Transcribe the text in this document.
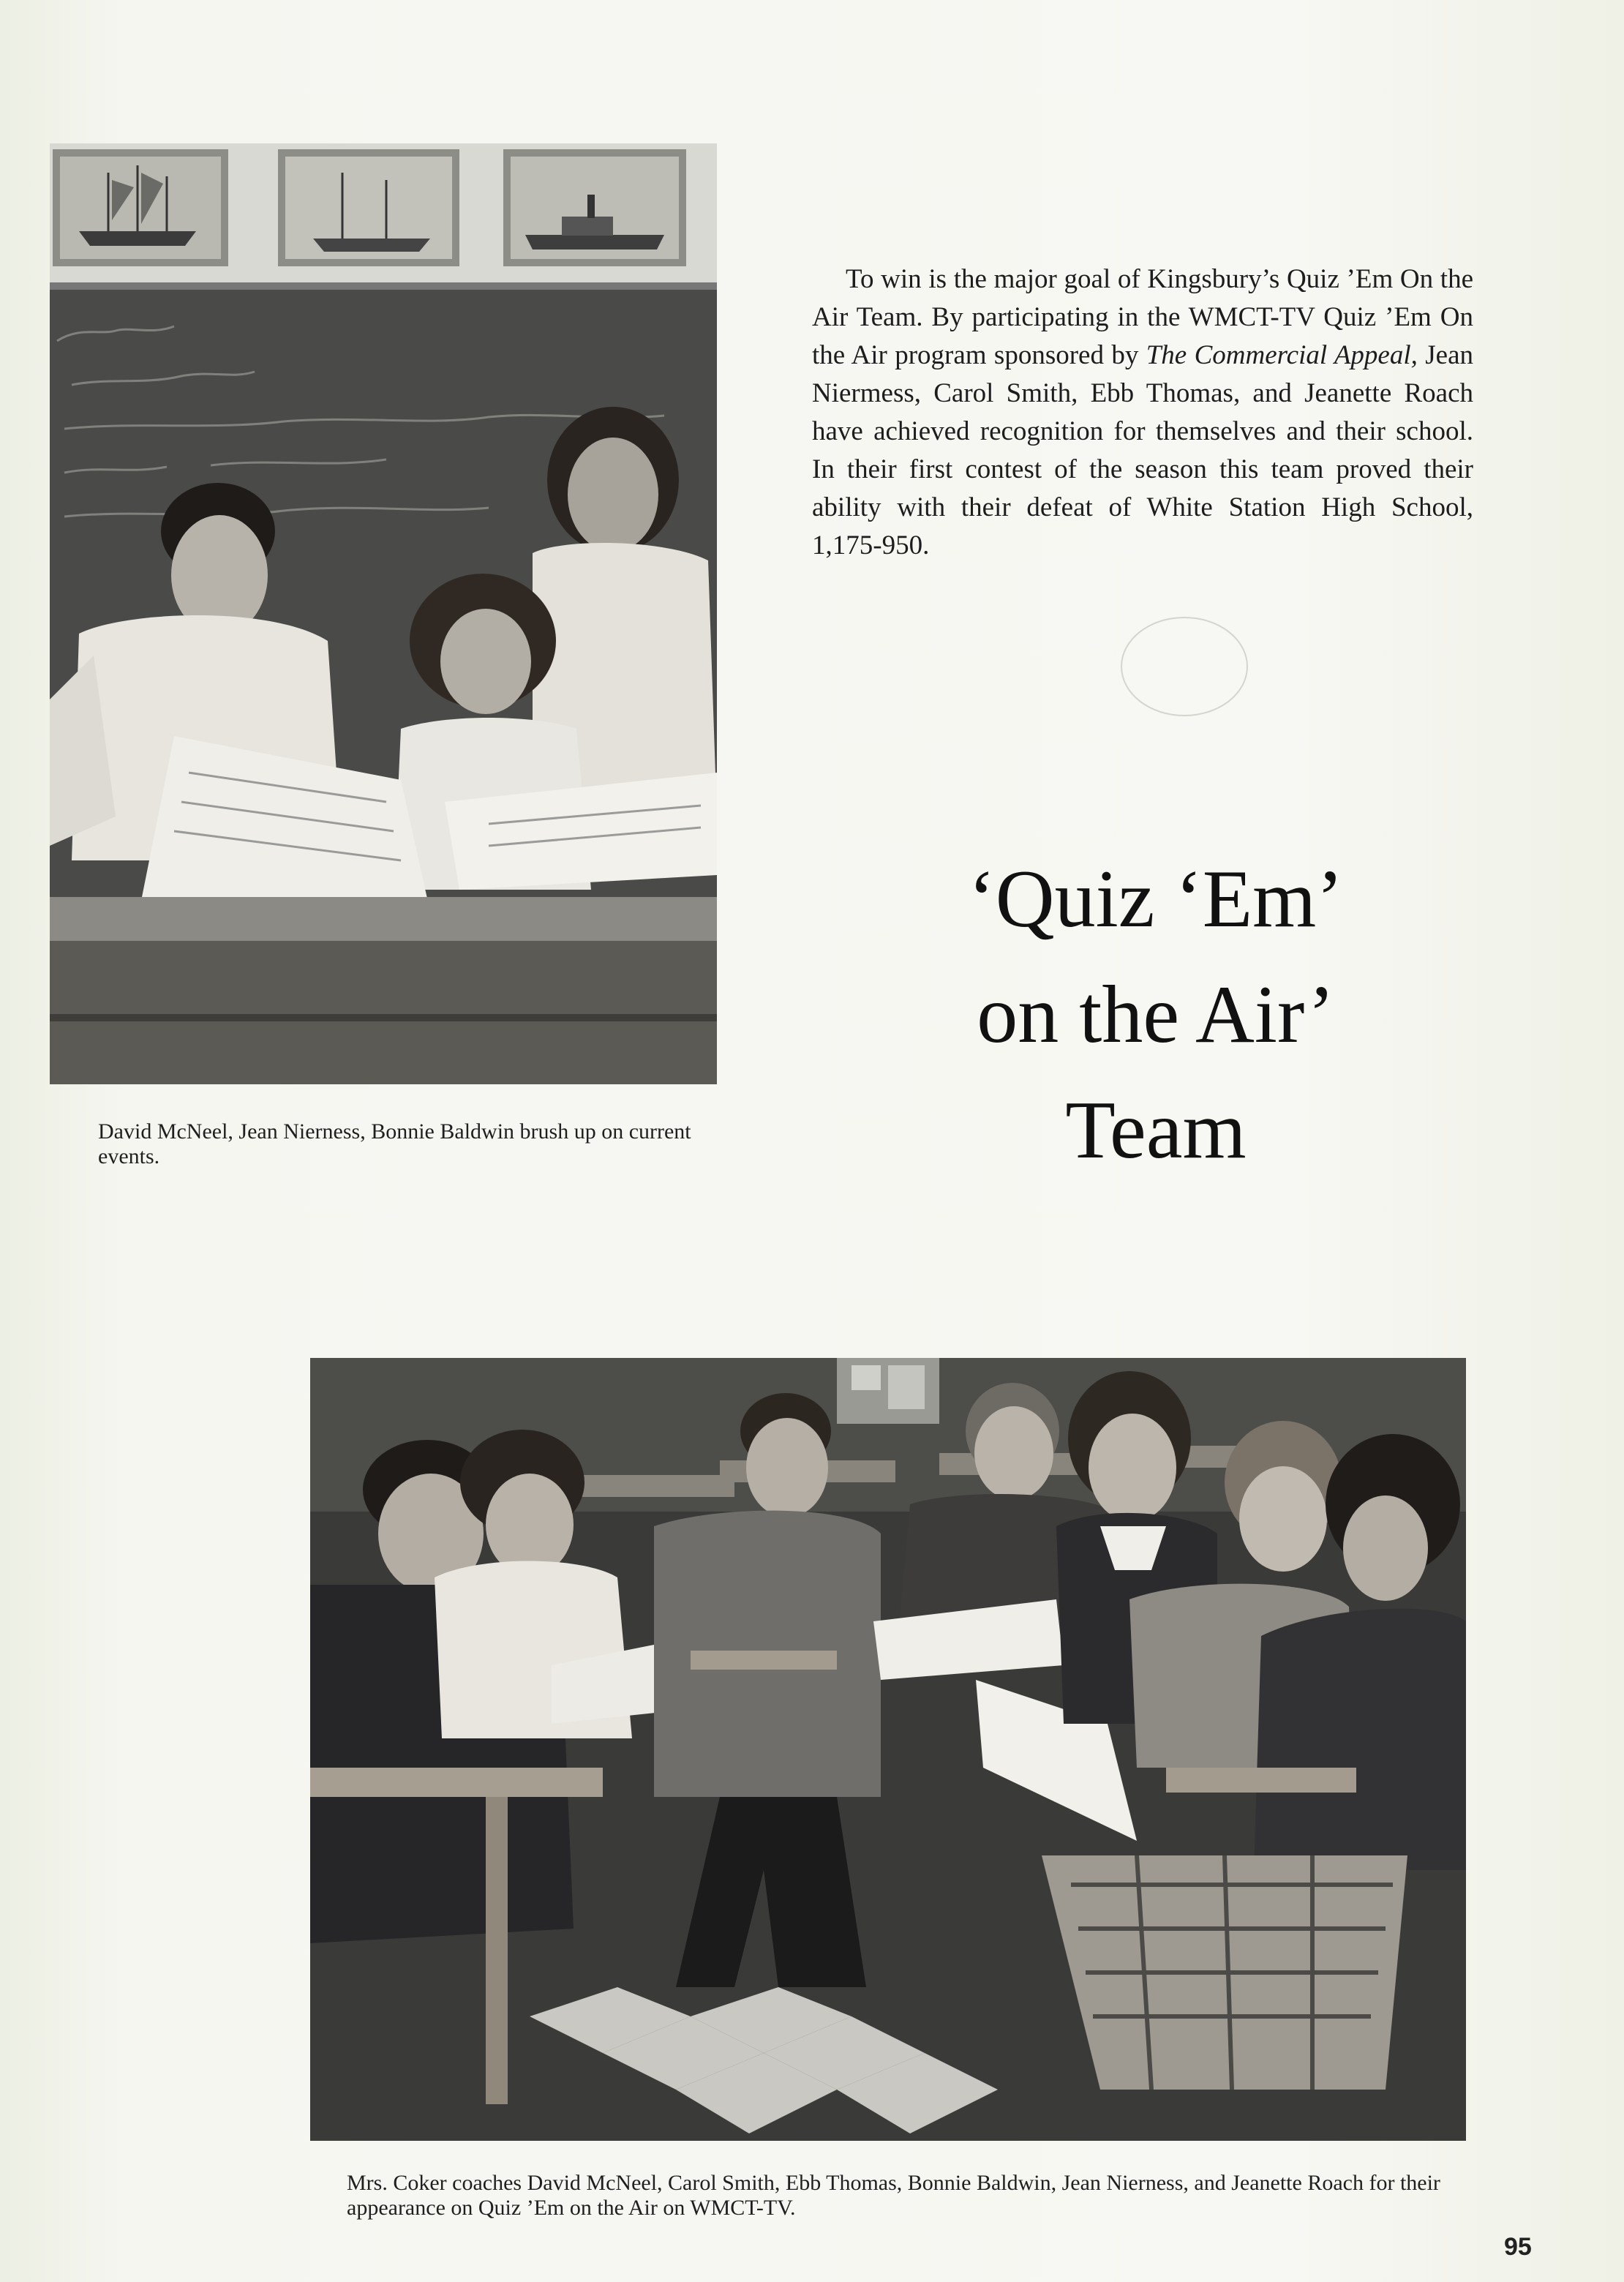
David McNeel, Jean Nierness, Bonnie Baldwin brush up on current events.
To win is the major goal of Kingsbury’s Quiz ’Em On the Air Team. By participating in the WMCT-TV Quiz ’Em On the Air program sponsored by The Commercial Appeal, Jean Niermess, Carol Smith, Ebb Thomas, and Jeanette Roach have achieved recognition for themselves and their school. In their first contest of the season this team proved their ability with their defeat of White Station High School, 1,175-950.
‘Quiz ‘Em’
on the Air’
Team
Mrs. Coker coaches David McNeel, Carol Smith, Ebb Thomas, Bonnie Baldwin, Jean Nierness, and Jeanette Roach for their appearance on Quiz ’Em on the Air on WMCT-TV.
95
